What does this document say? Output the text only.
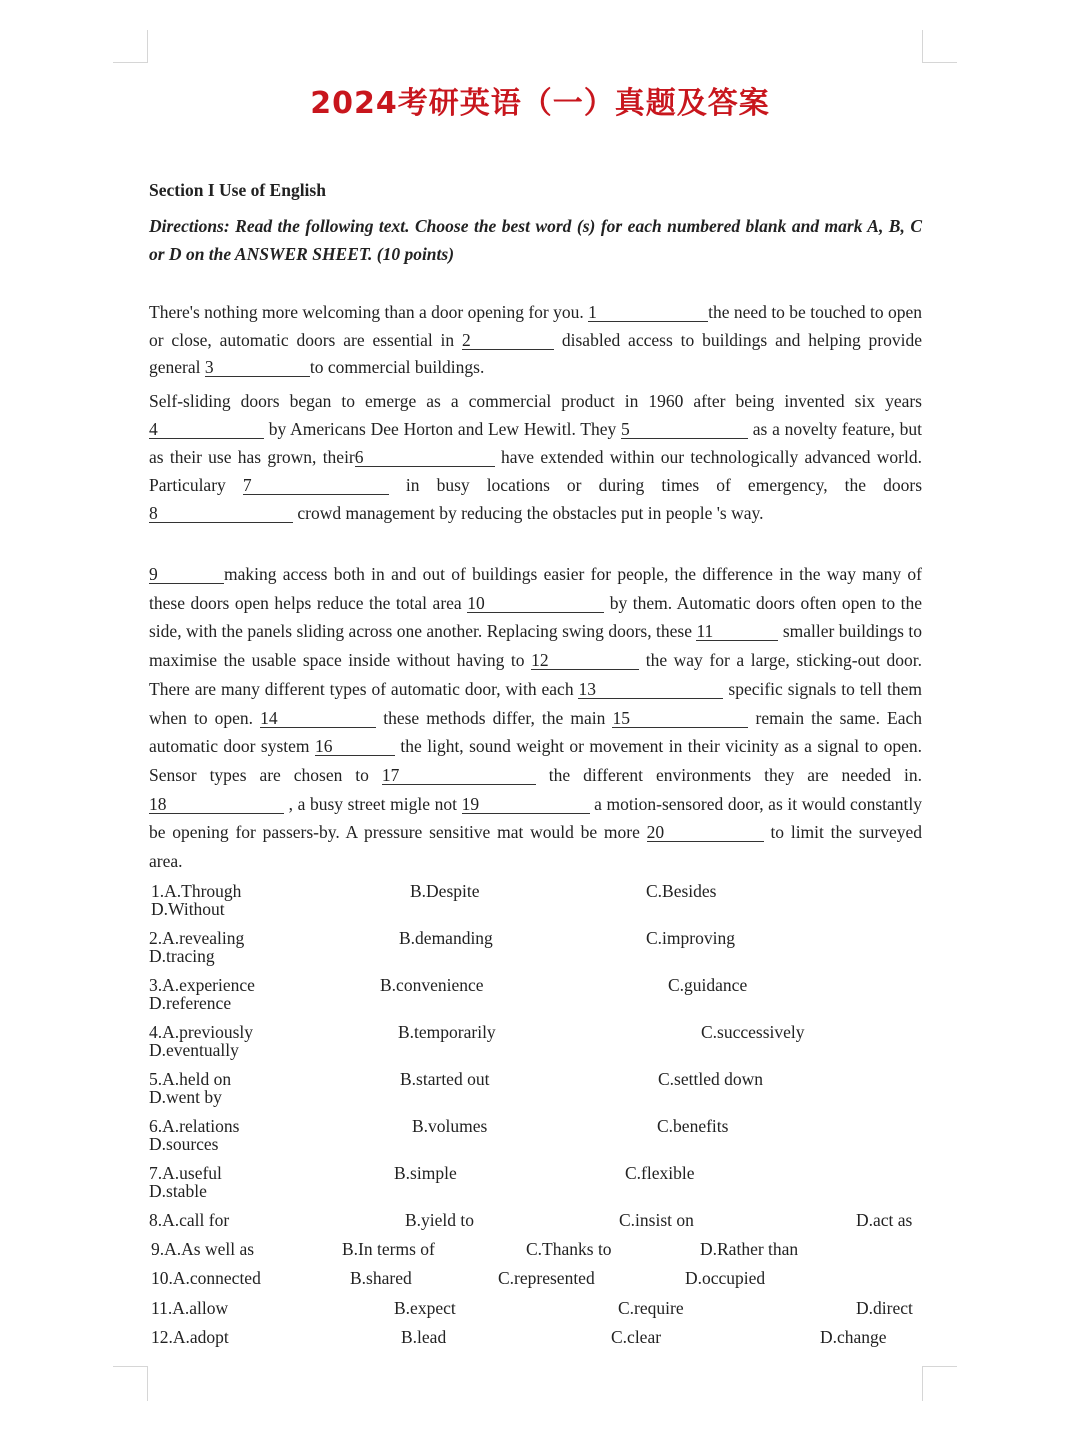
2024考研英语（一）真题及答案
Section I Use of English
Directions: Read the following text. Choose the best word (s) for each numbered blank and mark A, B, C or D on the ANSWER SHEET. (10 points)
There's nothing more welcoming than a door opening for you. 1	the need to be touched to open or close, automatic doors are essential in 2	disabled access to buildings and helping provide general 3	to commercial buildings.
Self-sliding doors began to emerge as a commercial product in 1960 after being invented six years 4	by Americans Dee Horton and Lew Hewitl. They 5	as a novelty feature, but as their use has grown, their6	have extended within our technologically advanced world. Particulary 7	in busy locations or during times of emergency, the doors 8	crowd management by reducing the obstacles put in people 's way.
9	making access both in and out of buildings easier for people, the difference in the way many of these doors open helps reduce the total area 10	by them. Automatic doors often open to the side, with the panels sliding across one another. Replacing swing doors, these 11	smaller buildings to maximise the usable space inside without having to 12	the way for a large, sticking-out door. There are many different types of automatic door, with each 13	specific signals to tell them when to open. 14	these methods differ, the main 15	remain the same. Each automatic door system 16	the light, sound weight or movement in their vicinity as a signal to open. Sensor types are chosen to 17	the different environments they are needed in. 18	, a busy street migle not 19	a motion-sensored door, as it would constantly be opening for passers-by. A pressure sensitive mat would be more 20	to limit the surveyed area.
1.A.Through	B.Despite	C.Besides
D.Without
2.A.revealing	B.demanding	C.improving
D.tracing
3.A.experience	B.convenience	C.guidance
D.reference
4.A.previously	B.temporarily	C.successively
D.eventually
5.A.held on	B.started out	C.settled down
D.went by
6.A.relations	B.volumes	C.benefits
D.sources
7.A.useful	B.simple	C.flexible
D.stable
8.A.call for	B.yield to	C.insist on	D.act as
9.A.As well as	B.In terms of	C.Thanks to	D.Rather than
10.A.connected	B.shared	C.represented	D.occupied
11.A.allow	B.expect	C.require	D.direct
12.A.adopt	B.lead	C.clear	D.change
